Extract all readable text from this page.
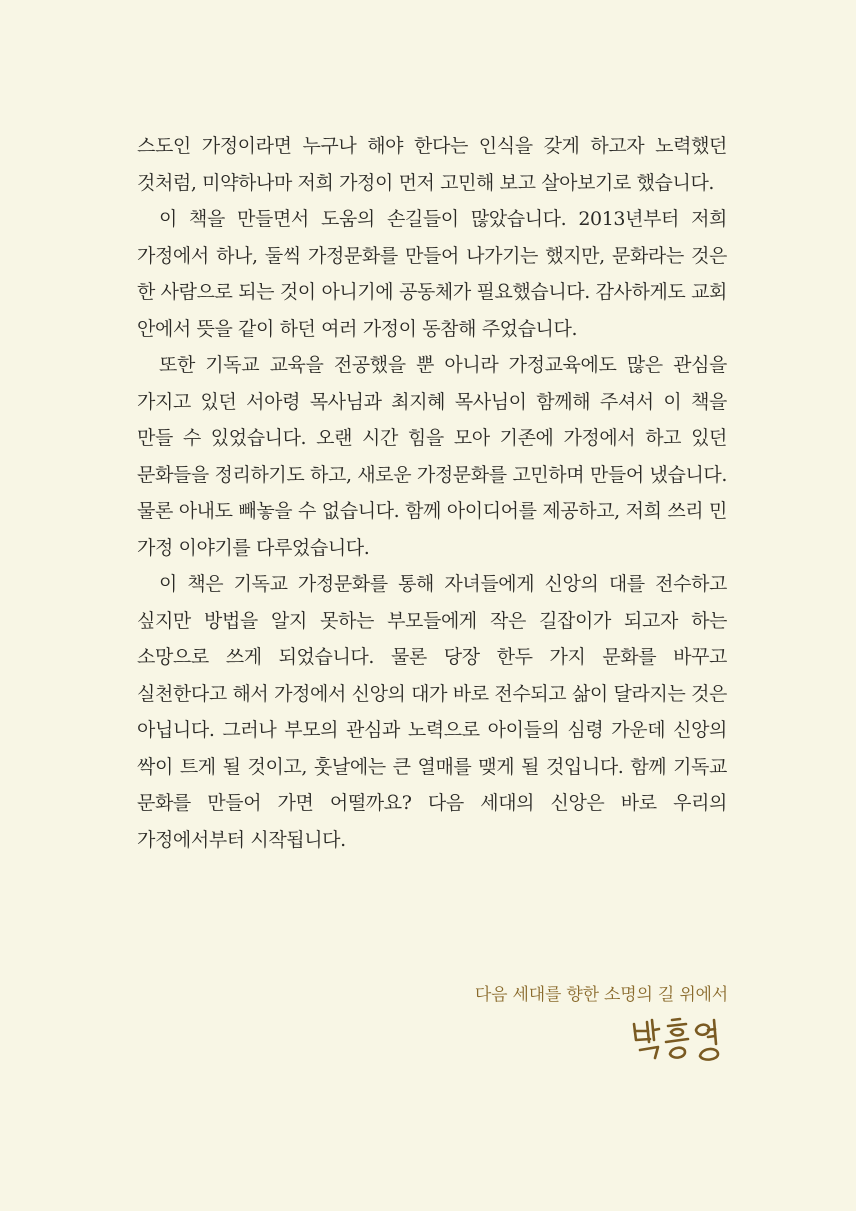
스도인 가정이라면 누구나 해야 한다는 인식을 갖게 하고자 노력했던 것처럼, 미약하나마 저희 가정이 먼저 고민해 보고 살아보기로 했습니다.

이 책을 만들면서 도움의 손길들이 많았습니다. 2013년부터 저희 가정에서 하나, 둘씩 가정문화를 만들어 나가기는 했지만, 문화라는 것은 한 사람으로 되는 것이 아니기에 공동체가 필요했습니다. 감사하게도 교회 안에서 뜻을 같이 하던 여러 가정이 동참해 주었습니다.

또한 기독교 교육을 전공했을 뿐 아니라 가정교육에도 많은 관심을 가지고 있던 서아령 목사님과 최지혜 목사님이 함께해 주셔서 이 책을 만들 수 있었습니다. 오랜 시간 힘을 모아 기존에 가정에서 하고 있던 문화들을 정리하기도 하고, 새로운 가정문화를 고민하며 만들어 냈습니다. 물론 아내도 빼놓을 수 없습니다. 함께 아이디어를 제공하고, 저희 쓰리 민 가정 이야기를 다루었습니다.

이 책은 기독교 가정문화를 통해 자녀들에게 신앙의 대를 전수하고 싶지만 방법을 알지 못하는 부모들에게 작은 길잡이가 되고자 하는 소망으로 쓰게 되었습니다. 물론 당장 한두 가지 문화를 바꾸고 실천한다고 해서 가정에서 신앙의 대가 바로 전수되고 삶이 달라지는 것은 아닙니다. 그러나 부모의 관심과 노력으로 아이들의 심령 가운데 신앙의 싹이 트게 될 것이고, 훗날에는 큰 열매를 맺게 될 것입니다. 함께 기독교 문화를 만들어 가면 어떨까요? 다음 세대의 신앙은 바로 우리의 가정에서부터 시작됩니다.

다음 세대를 향한 소명의 길 위에서
